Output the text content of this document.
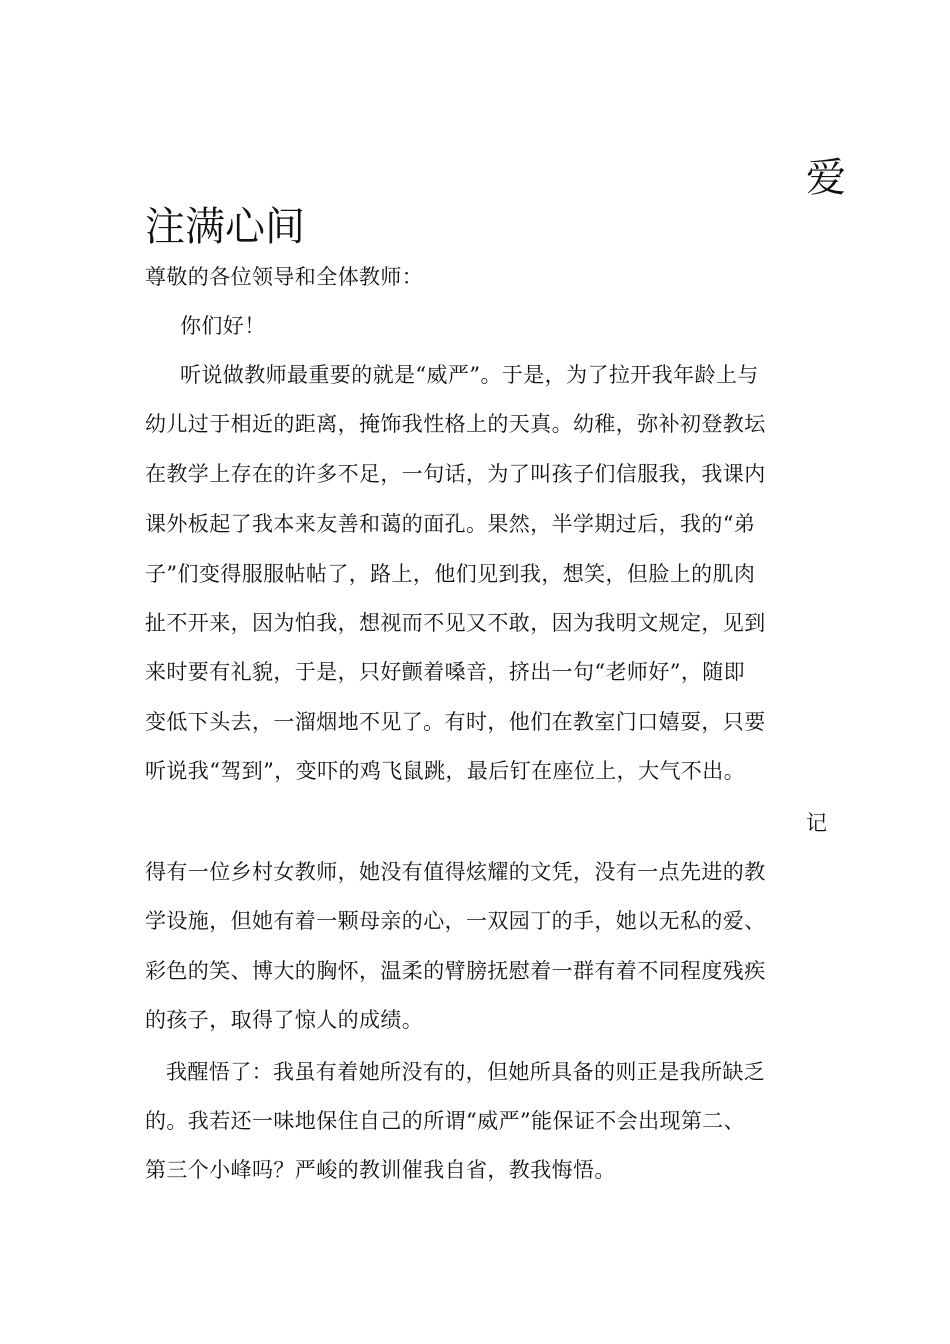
爱
注满心间
尊敬的各位领导和全体教师：
你们好！
听说做教师最重要的就是“威严”。于是，为了拉开我年龄上与
幼儿过于相近的距离，掩饰我性格上的天真。幼稚，弥补初登教坛
在教学上存在的许多不足，一句话，为了叫孩子们信服我，我课内
课外板起了我本来友善和蔼的面孔。果然，半学期过后，我的“弟
子”们变得服服帖帖了，路上，他们见到我，想笑，但脸上的肌肉
扯不开来，因为怕我，想视而不见又不敢，因为我明文规定，见到
来时要有礼貌，于是，只好颤着嗓音，挤出一句“老师好”，随即
变低下头去，一溜烟地不见了。有时，他们在教室门口嬉耍，只要
听说我“驾到”，变吓的鸡飞鼠跳，最后钉在座位上，大气不出。
记
得有一位乡村女教师，她没有值得炫耀的文凭，没有一点先进的教
学设施，但她有着一颗母亲的心，一双园丁的手，她以无私的爱、
彩色的笑、博大的胸怀，温柔的臂膀抚慰着一群有着不同程度残疾
的孩子，取得了惊人的成绩。
我醒悟了：我虽有着她所没有的，但她所具备的则正是我所缺乏
的。我若还一味地保住自己的所谓“威严”能保证不会出现第二、
第三个小峰吗？严峻的教训催我自省，教我悔悟。
